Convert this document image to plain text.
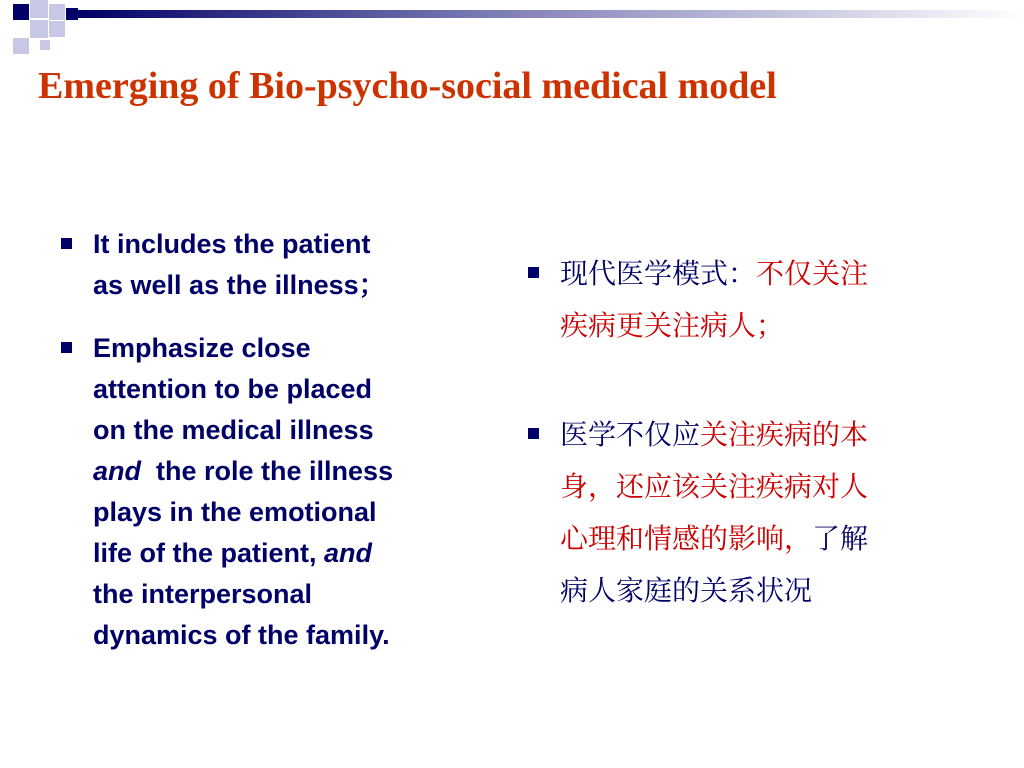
Emerging of Bio-psycho-social medical model
It includes the patient
as well as the illness；
Emphasize close
attention to be placed
on the medical illness
and  the role the illness
plays in the emotional
life of the patient, and
the interpersonal
dynamics of the family.
现代医学模式：不仅关注
疾病更关注病人；
医学不仅应关注疾病的本
身，还应该关注疾病对人
心理和情感的影响，了解
病人家庭的关系状况
